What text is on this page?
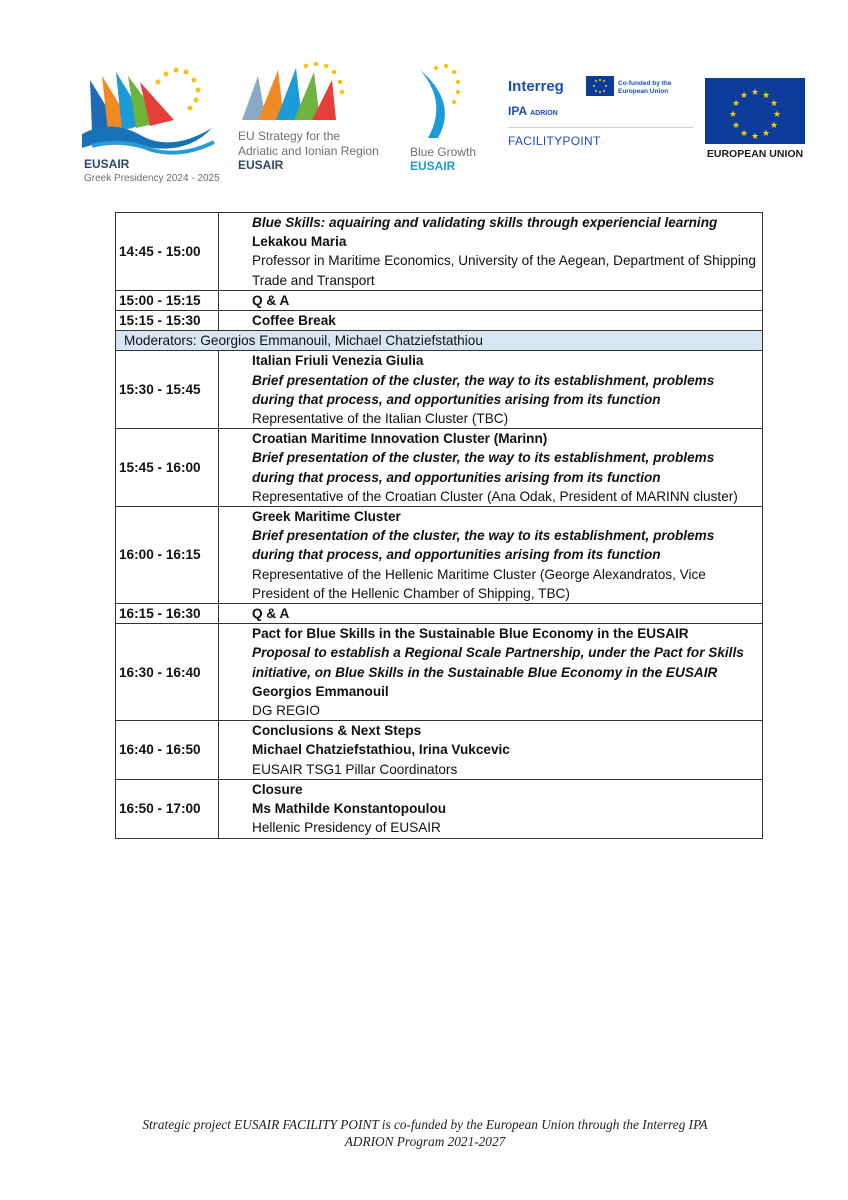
EUSAIR
Greek Presidency 2024 - 2025
EU Strategy for the
Adriatic and Ionian Region
EUSAIR
Blue Growth
EUSAIR
Interreg	Co-funded by the European Union
IPA ADRION
FACILITYPOINT
★ ★
★
★
★
★
★
★
★
★
★
★
EUROPEAN UNION
14:45 - 15:00	Blue Skills: aquairing and validating skills through experiencial learning
Lekakou Maria
Professor in Maritime Economics, University of the Aegean, Department of Shipping Trade and Transport

15:00 - 15:15	Q & A

15:15 - 15:30	Coffee Break

Moderators: Georgios Emmanouil, Michael Chatziefstathiou	
15:30 - 15:45	Italian Friuli Venezia Giulia
Brief presentation of the cluster, the way to its establishment, problems during that process, and opportunities arising from its function
Representative of the Italian Cluster (TBC)

15:45 - 16:00	Croatian Maritime Innovation Cluster (Marinn)
Brief presentation of the cluster, the way to its establishment, problems during that process, and opportunities arising from its function
Representative of the Croatian Cluster (Ana Odak, President of MARINN cluster)

16:00 - 16:15	Greek Maritime Cluster
Brief presentation of the cluster, the way to its establishment, problems during that process, and opportunities arising from its function
Representative of the Hellenic Maritime Cluster (George Alexandratos, Vice President of the Hellenic Chamber of Shipping, TBC)

16:15 - 16:30	Q & A

16:30 - 16:40	Pact for Blue Skills in the Sustainable Blue Economy in the EUSAIR
Proposal to establish a Regional Scale Partnership, under the Pact for Skills initiative, on Blue Skills in the Sustainable Blue Economy in the EUSAIR
Georgios Emmanouil
DG REGIO

16:40 - 16:50	Conclusions & Next Steps
Michael Chatziefstathiou, Irina Vukcevic
EUSAIR TSG1 Pillar Coordinators

16:50 - 17:00	Closure
Ms Mathilde Konstantopoulou
Hellenic Presidency of EUSAIR
Strategic project EUSAIR FACILITY POINT is co-funded by the European Union through the Interreg IPA
ADRION Program 2021-2027
